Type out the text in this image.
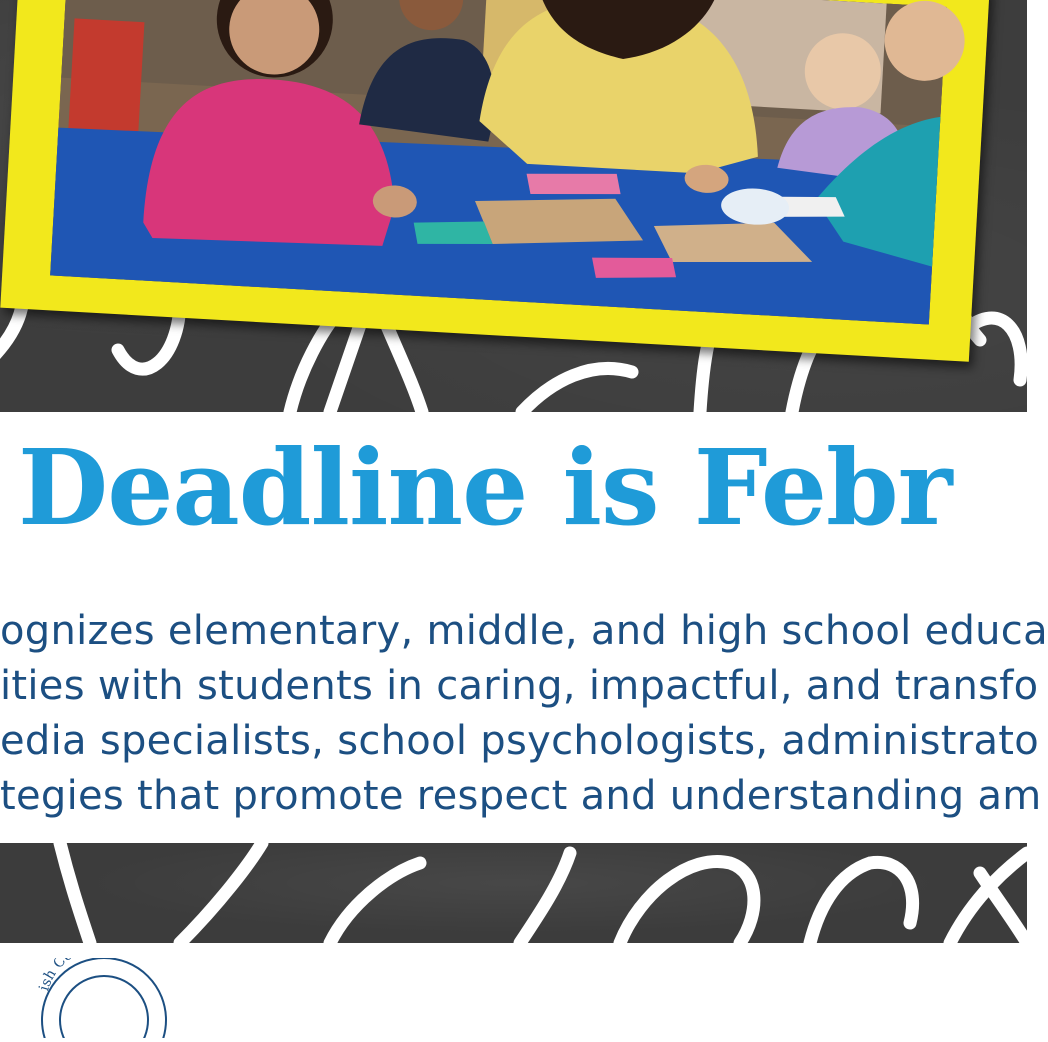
Deadline is Febr
ognizes elementary, middle, and high school educa
ities with students in caring, impactful, and transfo
edia specialists, school psychologists, administrato
tegies that promote respect and understanding am
ish C
